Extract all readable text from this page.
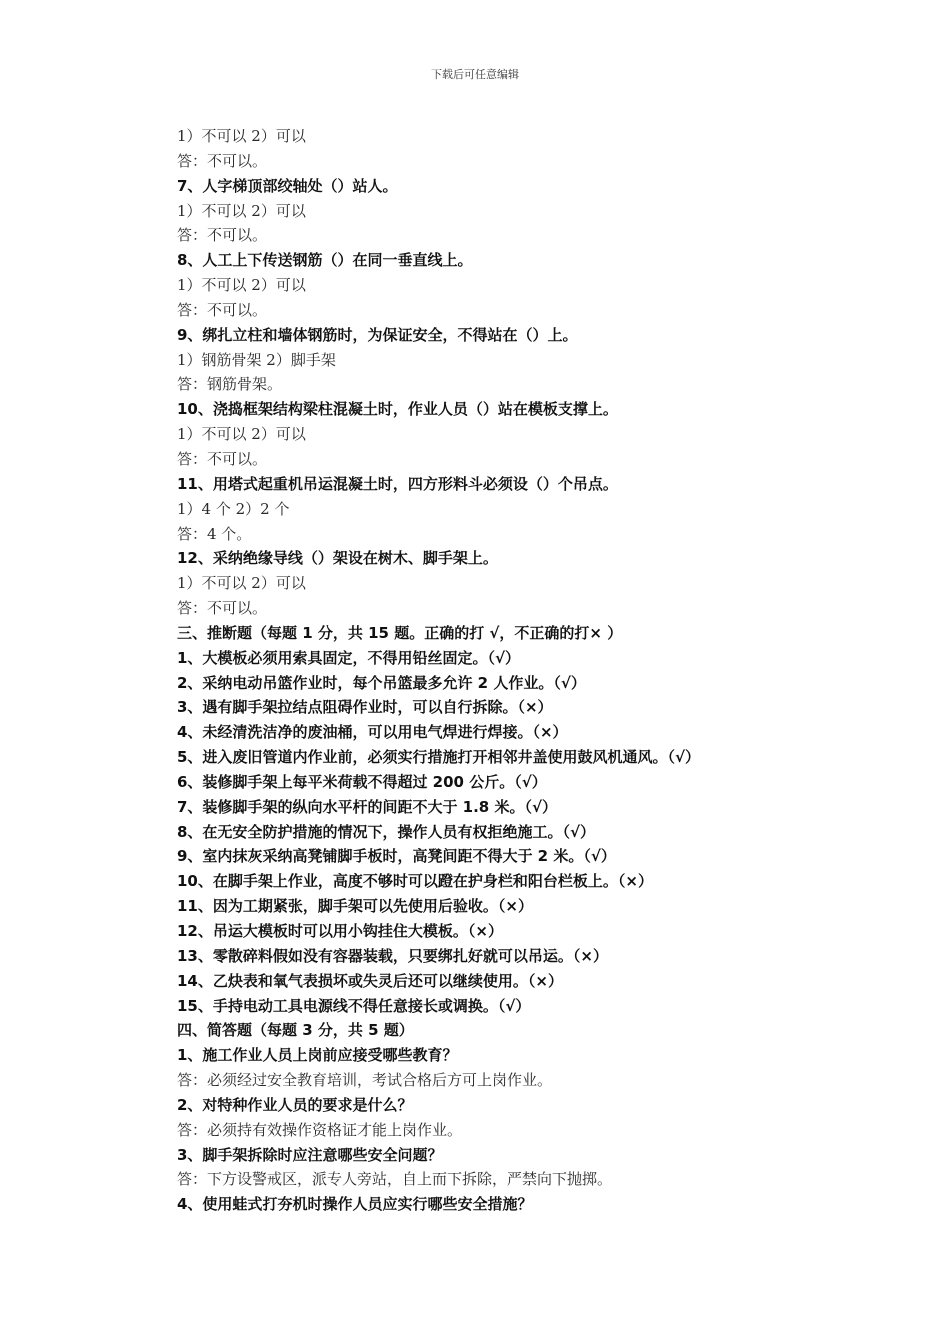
下载后可任意编辑
1）不可以 2）可以
答：不可以。
7、人字梯顶部绞轴处（）站人。
1）不可以 2）可以
答：不可以。
8、人工上下传送钢筋（）在同一垂直线上。
1）不可以 2）可以
答：不可以。
9、绑扎立柱和墙体钢筋时，为保证安全，不得站在（）上。
1）钢筋骨架 2）脚手架
答：钢筋骨架。
10、浇捣框架结构梁柱混凝土时，作业人员（）站在模板支撑上。
1）不可以 2）可以
答：不可以。
11、用塔式起重机吊运混凝土时，四方形料斗必须设（）个吊点。
1）4 个 2）2 个
答：4 个。
12、采纳绝缘导线（）架设在树木、脚手架上。
1）不可以 2）可以
答：不可以。
三、推断题（每题 1 分，共 15 题。正确的打 √，不正确的打× ）
1、大模板必须用索具固定，不得用铅丝固定。（√）
2、采纳电动吊篮作业时，每个吊篮最多允许 2 人作业。（√）
3、遇有脚手架拉结点阻碍作业时，可以自行拆除。（×）
4、未经清洗洁净的废油桶，可以用电气焊进行焊接。（×）
5、进入废旧管道内作业前，必须实行措施打开相邻井盖使用鼓风机通风。（√）
6、装修脚手架上每平米荷载不得超过 200 公斤。（√）
7、装修脚手架的纵向水平杆的间距不大于 1.8 米。（√）
8、在无安全防护措施的情况下，操作人员有权拒绝施工。（√）
9、室内抹灰采纳高凳铺脚手板时，高凳间距不得大于 2 米。（√）
10、在脚手架上作业，高度不够时可以蹬在护身栏和阳台栏板上。（×）
11、因为工期紧张，脚手架可以先使用后验收。（×）
12、吊运大模板时可以用小钩挂住大模板。（×）
13、零散碎料假如没有容器装载，只要绑扎好就可以吊运。（×）
14、乙炔表和氧气表损坏或失灵后还可以继续使用。（×）
15、手持电动工具电源线不得任意接长或调换。（√）
四、简答题（每题 3 分，共 5 题）
1、施工作业人员上岗前应接受哪些教育？
答：必须经过安全教育培训，考试合格后方可上岗作业。
2、对特种作业人员的要求是什么？
答：必须持有效操作资格证才能上岗作业。
3、脚手架拆除时应注意哪些安全问题？
答：下方设警戒区，派专人旁站，自上而下拆除，严禁向下抛掷。
4、使用蛙式打夯机时操作人员应实行哪些安全措施？
